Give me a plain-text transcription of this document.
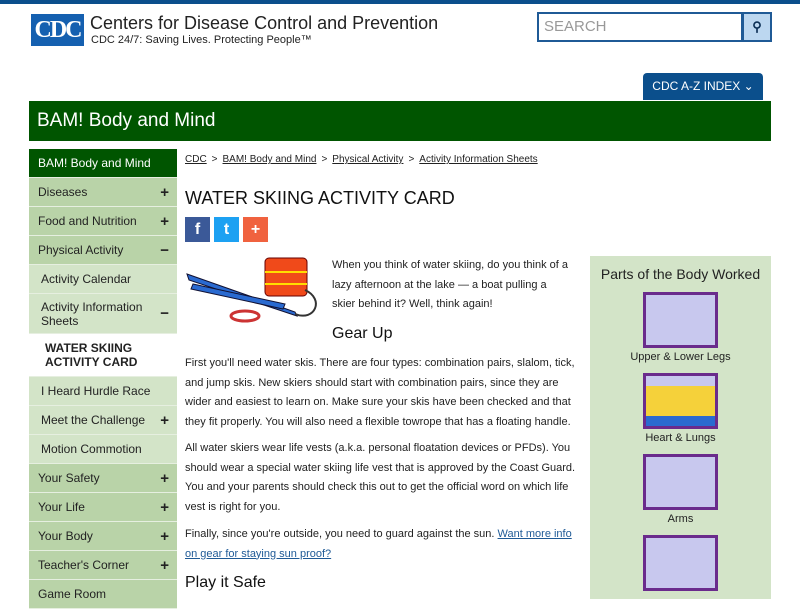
CDC Centers for Disease Control and Prevention
CDC 24/7: Saving Lives. Protecting People™
SEARCH	⚲
CDC A-Z INDEX ⌄
BAM! Body and Mind
BAM! Body and Mind
Diseases	+
Food and Nutrition +
Physical Activity −
Activity Calendar
Activity Information Sheets	−
WATER SKIING ACTIVITY CARD
I Heard Hurdle Race
Meet the Challenge +
Motion Commotion
Your Safety	+
Your Life	+
Your Body	+
Teacher's Corner +
Game Room
CDC > BAM! Body and Mind > Physical Activity > Activity Information Sheets
WATER SKIING ACTIVITY CARD
f	t	+
When you think of water skiing, do you think of a lazy afternoon at the lake — a boat pulling a skier behind it? Well, think again!
Gear Up
First you'll need water skis. There are four types: combination pairs, slalom, tick, and jump skis. New skiers should start with combination pairs, since they are wider and easiest to learn on. Make sure your skis have been checked and that they fit properly. You will also need a flexible towrope that has a floating handle.
All water skiers wear life vests (a.k.a. personal floatation devices or PFDs). You should wear a special water skiing life vest that is approved by the Coast Guard. You and your parents should check this out to get the official word on which life vest is right for you.
Finally, since you're outside, you need to guard against the sun. Want more info on gear for staying sun proof?
Play it Safe
Parts of the Body Worked
Upper & Lower Legs
Heart & Lungs
Arms
